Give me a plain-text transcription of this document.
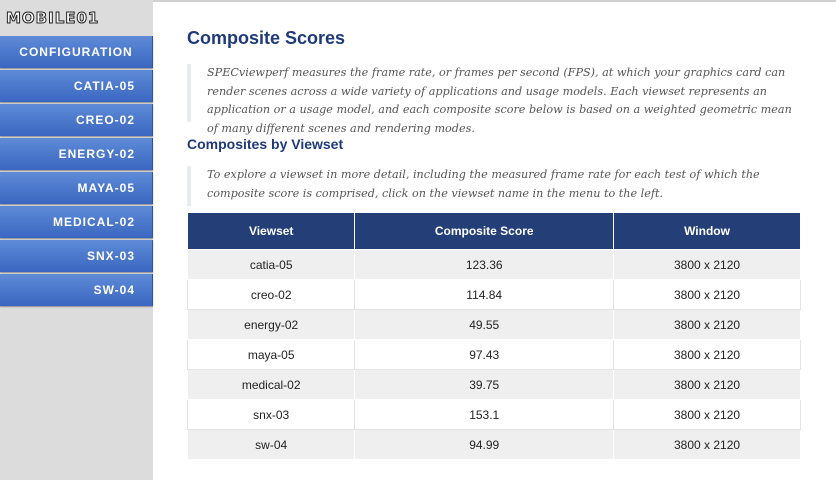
MOBILE01
CONFIGURATION
CATIA-05
CREO-02
ENERGY-02
MAYA-05
MEDICAL-02
SNX-03
SW-04
Composite Scores
SPECviewperf measures the frame rate, or frames per second (FPS), at which your graphics card can render scenes across a wide variety of applications and usage models. Each viewset represents an application or a usage model, and each composite score below is based on a weighted geometric mean of many different scenes and rendering modes.
Composites by Viewset
To explore a viewset in more detail, including the measured frame rate for each test of which the composite score is comprised, click on the viewset name in the menu to the left.
Viewset	Composite Score	Window
catia-05	123.36	3800 x 2120
creo-02	114.84	3800 x 2120
energy-02	49.55	3800 x 2120
maya-05	97.43	3800 x 2120
medical-02	39.75	3800 x 2120
snx-03	153.1	3800 x 2120
sw-04	94.99	3800 x 2120
